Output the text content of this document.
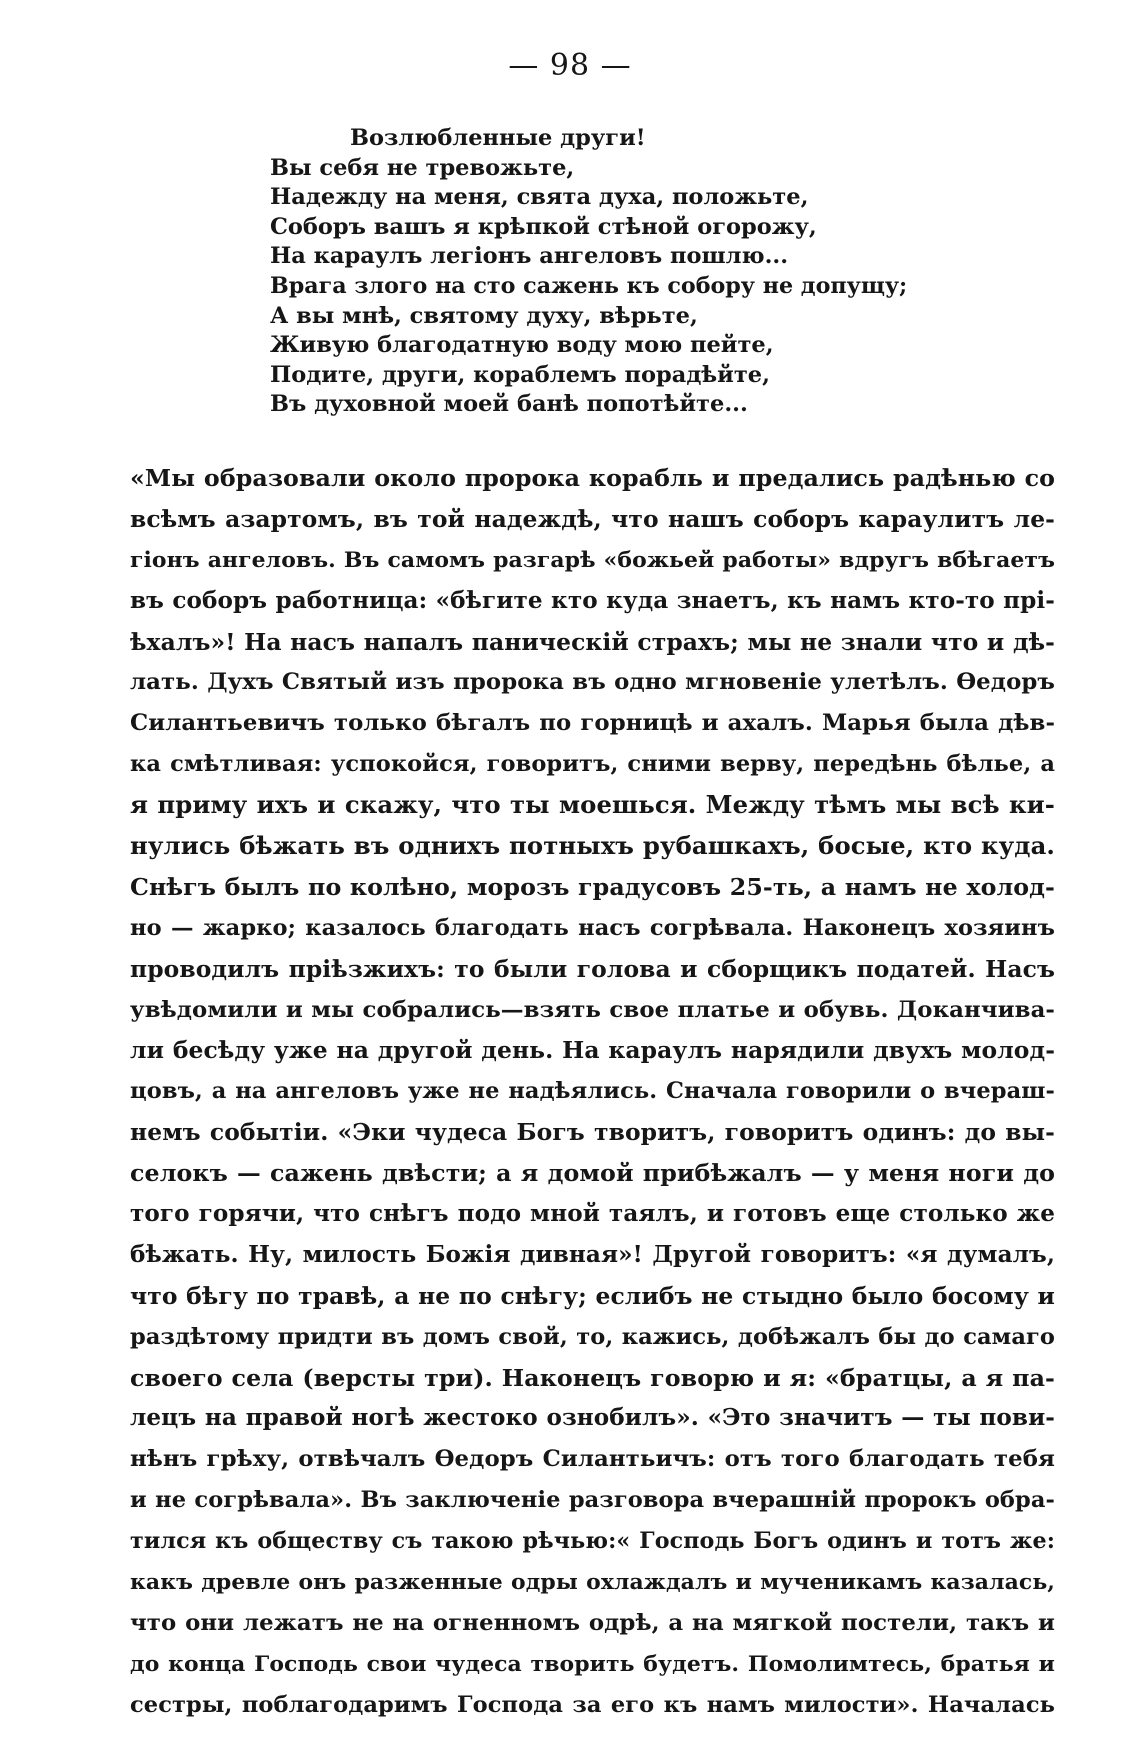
— 98 —
Возлюбленные други!
Вы себя не тревожьте,
Надежду на меня, свята духа, положьте,
Соборъ вашъ я крѣпкой стѣной огорожу,
На караулъ легіонъ ангеловъ пошлю...
Врага злого на сто сажень къ собору не допущу;
А вы мнѣ, святому духу, вѣрьте,
Живую благодатную воду мою пейте,
Подите, други, кораблемъ порадѣйте,
Въ духовной моей банѣ попотѣйте...
«Мы образовали около пророка корабль и предались радѣнью со
всѣмъ азартомъ, въ той надеждѣ, что нашъ соборъ караулитъ ле-
гіонъ ангеловъ. Въ самомъ разгарѣ «божьей работы» вдругъ вбѣгаетъ
въ соборъ работница: «бѣгите кто куда знаетъ, къ намъ кто-то прі-
ѣхалъ»! На насъ напалъ паническій страхъ; мы не знали что и дѣ-
лать. Духъ Святый изъ пророка въ одно мгновеніе улетѣлъ. Өедоръ
Силантьевичъ только бѣгалъ по горницѣ и ахалъ. Марья была дѣв-
ка смѣтливая: успокойся, говоритъ, сними верву, передѣнь бѣлье, а
я приму ихъ и скажу, что ты моешься. Между тѣмъ мы всѣ ки-
нулись бѣжать въ однихъ потныхъ рубашкахъ, босые, кто куда.
Снѣгъ былъ по колѣно, морозъ градусовъ 25-ть, а намъ не холод-
но — жарко; казалось благодать насъ согрѣвала. Наконецъ хозяинъ
проводилъ пріѣзжихъ: то были голова и сборщикъ податей. Насъ
увѣдомили и мы собрались—взять свое платье и обувь. Доканчива-
ли бесѣду уже на другой день. На караулъ нарядили двухъ молод-
цовъ, а на ангеловъ уже не надѣялись. Сначала говорили о вчераш-
немъ событіи. «Эки чудеса Богъ творитъ, говоритъ одинъ: до вы-
селокъ — сажень двѣсти; а я домой прибѣжалъ — у меня ноги до
того горячи, что снѣгъ подо мной таялъ, и готовъ еще столько же
бѣжать. Ну, милость Божія дивная»! Другой говоритъ: «я думалъ,
что бѣгу по травѣ, а не по снѣгу; еслибъ не стыдно было босому и
раздѣтому придти въ домъ свой, то, кажись, добѣжалъ бы до самаго
своего села (версты три). Наконецъ говорю и я: «братцы, а я па-
лецъ на правой ногѣ жестоко ознобилъ». «Это значитъ — ты пови-
нѣнъ грѣху, отвѣчалъ Өедоръ Силантьичъ: отъ того благодать тебя
и не согрѣвала». Въ заключеніе разговора вчерашній пророкъ обра-
тился къ обществу съ такою рѣчью:« Господь Богъ одинъ и тотъ же:
какъ древле онъ разженные одры охлаждалъ и мученикамъ казалась,
что они лежатъ не на огненномъ одрѣ, а на мягкой постели, такъ и
до конца Господь свои чудеса творить будетъ. Помолимтесь, братья и
сестры, поблагодаримъ Господа за его къ намъ милости». Началась
